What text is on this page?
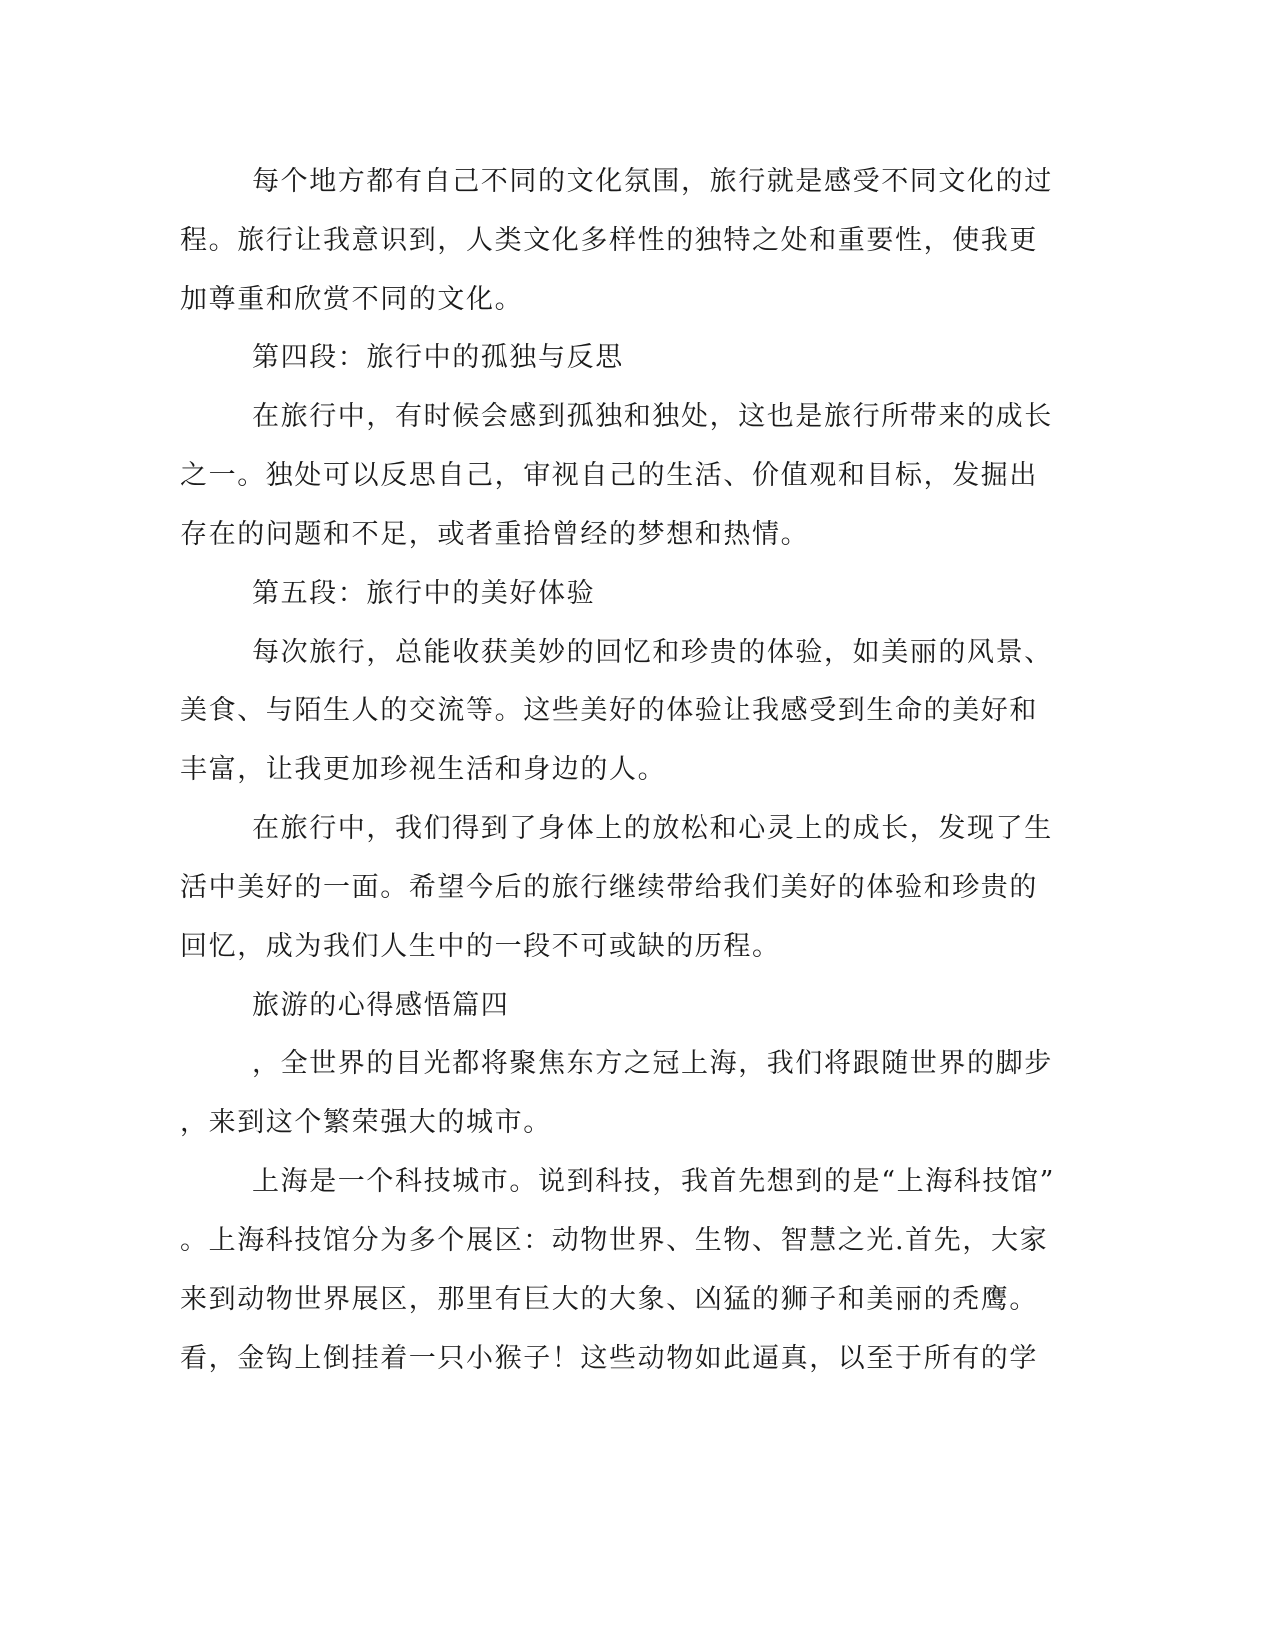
每个地方都有自己不同的文化氛围，旅行就是感受不同文化的过
程。旅行让我意识到，人类文化多样性的独特之处和重要性，使我更
加尊重和欣赏不同的文化。
第四段：旅行中的孤独与反思
在旅行中，有时候会感到孤独和独处，这也是旅行所带来的成长
之一。独处可以反思自己，审视自己的生活、价值观和目标，发掘出
存在的问题和不足，或者重拾曾经的梦想和热情。
第五段：旅行中的美好体验
每次旅行，总能收获美妙的回忆和珍贵的体验，如美丽的风景、
美食、与陌生人的交流等。这些美好的体验让我感受到生命的美好和
丰富，让我更加珍视生活和身边的人。
在旅行中，我们得到了身体上的放松和心灵上的成长，发现了生
活中美好的一面。希望今后的旅行继续带给我们美好的体验和珍贵的
回忆，成为我们人生中的一段不可或缺的历程。
旅游的心得感悟篇四
，全世界的目光都将聚焦东方之冠上海，我们将跟随世界的脚步
，来到这个繁荣强大的城市。
上海是一个科技城市。说到科技，我首先想到的是“上海科技馆”
。上海科技馆分为多个展区：动物世界、生物、智慧之光.首先，大家
来到动物世界展区，那里有巨大的大象、凶猛的狮子和美丽的秃鹰。
看，金钩上倒挂着一只小猴子！这些动物如此逼真，以至于所有的学
